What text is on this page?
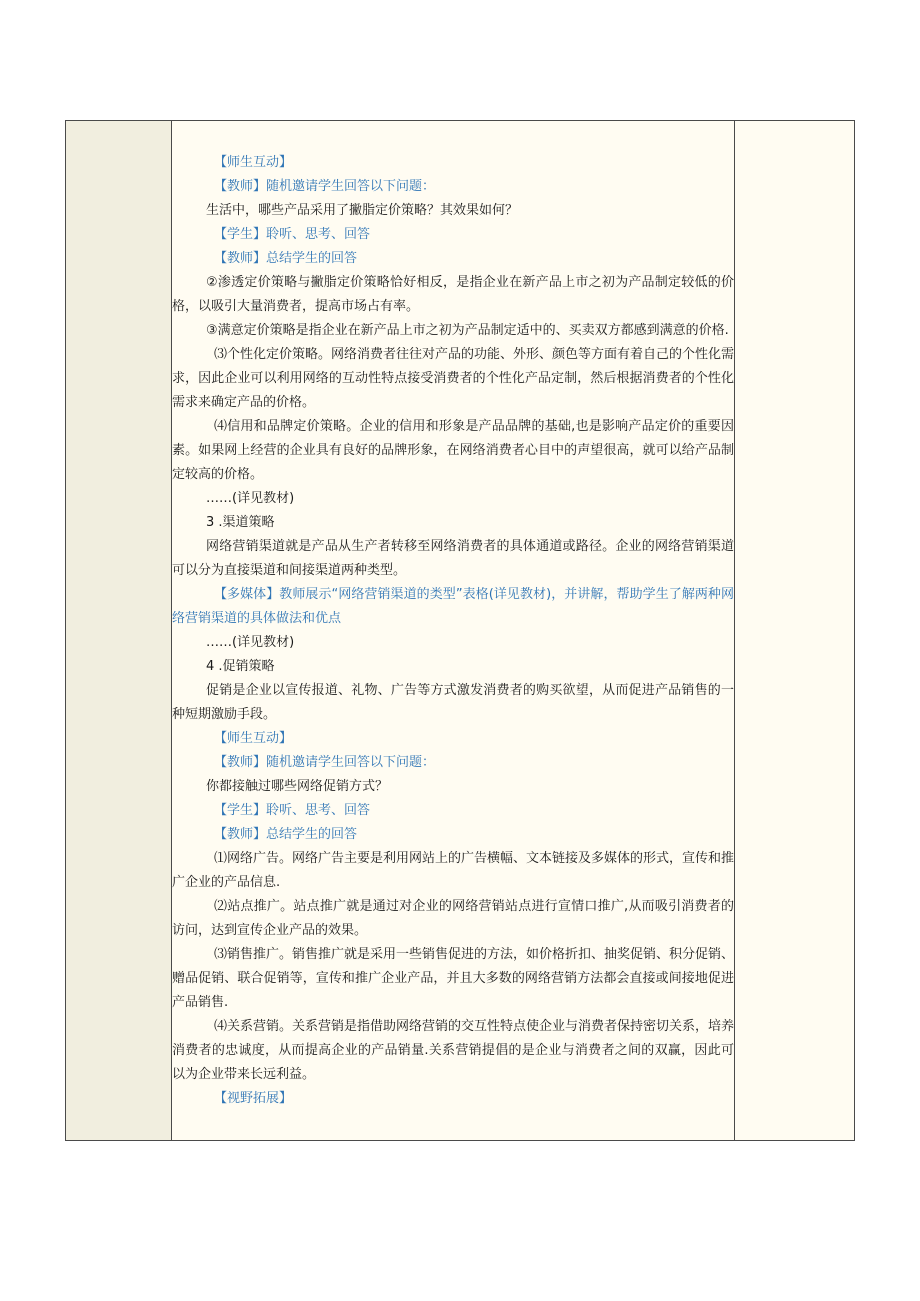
【师生互动】

【教师】随机邀请学生回答以下问题：

生活中，哪些产品采用了撇脂定价策略？其效果如何？

【学生】聆听、思考、回答

【教师】总结学生的回答

②渗透定价策略与撇脂定价策略恰好相反，是指企业在新产品上市之初为产品制定较低的价格，以吸引大量消费者，提高市场占有率。

③满意定价策略是指企业在新产品上市之初为产品制定适中的、买卖双方都感到满意的价格.

⑶个性化定价策略。网络消费者往往对产品的功能、外形、颜色等方面有着自己的个性化需求，因此企业可以利用网络的互动性特点接受消费者的个性化产品定制，然后根据消费者的个性化需求来确定产品的价格。

⑷信用和品牌定价策略。企业的信用和形象是产品品牌的基础,也是影响产品定价的重要因素。如果网上经营的企业具有良好的品牌形象，在网络消费者心目中的声望很高，就可以给产品制定较高的价格。

……(详见教材)

3 .渠道策略

网络营销渠道就是产品从生产者转移至网络消费者的具体通道或路径。企业的网络营销渠道可以分为直接渠道和间接渠道两种类型。

【多媒体】教师展示“网络营销渠道的类型”表格(详见教材)，并讲解，帮助学生了解两种网络营销渠道的具体做法和优点

……(详见教材)

4 .促销策略

促销是企业以宣传报道、礼物、广告等方式激发消费者的购买欲望，从而促进产品销售的一种短期激励手段。

【师生互动】

【教师】随机邀请学生回答以下问题：

你都接触过哪些网络促销方式？

【学生】聆听、思考、回答

【教师】总结学生的回答

⑴网络广告。网络广告主要是利用网站上的广告横幅、文本链接及多媒体的形式，宣传和推广企业的产品信息.

⑵站点推广。站点推广就是通过对企业的网络营销站点进行宣情口推广,从而吸引消费者的访问，达到宣传企业产品的效果。

⑶销售推广。销售推广就是采用一些销售促进的方法，如价格折扣、抽奖促销、积分促销、赠品促销、联合促销等，宣传和推广企业产品，并且大多数的网络营销方法都会直接或间接地促进产品销售.

⑷关系营销。关系营销是指借助网络营销的交互性特点使企业与消费者保持密切关系，培养消费者的忠诚度，从而提高企业的产品销量.关系营销提倡的是企业与消费者之间的双赢，因此可以为企业带来长远利益。

【视野拓展】
